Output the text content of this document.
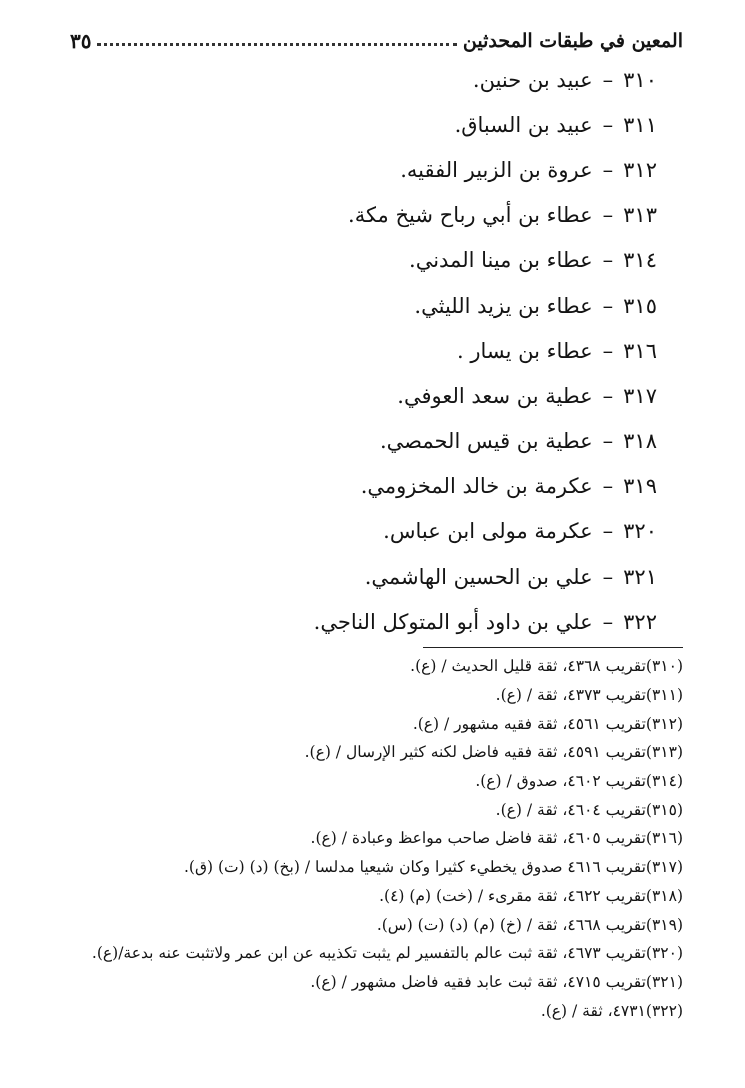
المعين في طبقات المحدثين
٣٥
٣١٠
–
عبيد بن حنين.
٣١١
–
عبيد بن السباق.
٣١٢
–
عروة بن الزبير الفقيه.
٣١٣
–
عطاء بن أبي رباح شيخ مكة.
٣١٤
–
عطاء بن مينا المدني.
٣١٥
–
عطاء بن يزيد الليثي.
٣١٦
–
عطاء بن يسار .
٣١٧
–
عطية بن سعد العوفي.
٣١٨
–
عطية بن قيس الحمصي.
٣١٩
–
عكرمة بن خالد المخزومي.
٣٢٠
–
عكرمة مولى ابن عباس.
٣٢١
–
علي بن الحسين الهاشمي.
٣٢٢
–
علي بن داود أبو المتوكل الناجي.
(٣١٠)تقريب ٤٣٦٨، ثقة قليل الحديث / (ع).
(٣١١)تقريب ٤٣٧٣، ثقة / (ع).
(٣١٢)تقريب ٤٥٦١، ثقة فقيه مشهور / (ع).
(٣١٣)تقريب ٤٥٩١، ثقة فقيه فاضل لكنه كثير الإرسال / (ع).
(٣١٤)تقريب ٤٦٠٢، صدوق / (ع).
(٣١٥)تقريب ٤٦٠٤، ثقة / (ع).
(٣١٦)تقريب ٤٦٠٥، ثقة فاضل صاحب مواعظ وعبادة / (ع).
(٣١٧)تقريب ٤٦١٦ صدوق يخطيء كثيرا وكان شيعيا مدلسا / (بخ) (د) (ت) (ق).
(٣١٨)تقريب ٤٦٢٢، ثقة مقرىء / (خت) (م) (٤).
(٣١٩)تقريب ٤٦٦٨، ثقة / (خ) (م) (د) (ت) (س).
(٣٢٠)تقريب ٤٦٧٣، ثقة ثبت عالم بالتفسير لم يثبت تكذيبه عن ابن عمر ولاتثبت عنه بدعة/(ع).
(٣٢١)تقريب ٤٧١٥، ثقة ثبت عابد فقيه فاضل مشهور / (ع).
(٣٢٢)٤٧٣١، ثقة / (ع).
